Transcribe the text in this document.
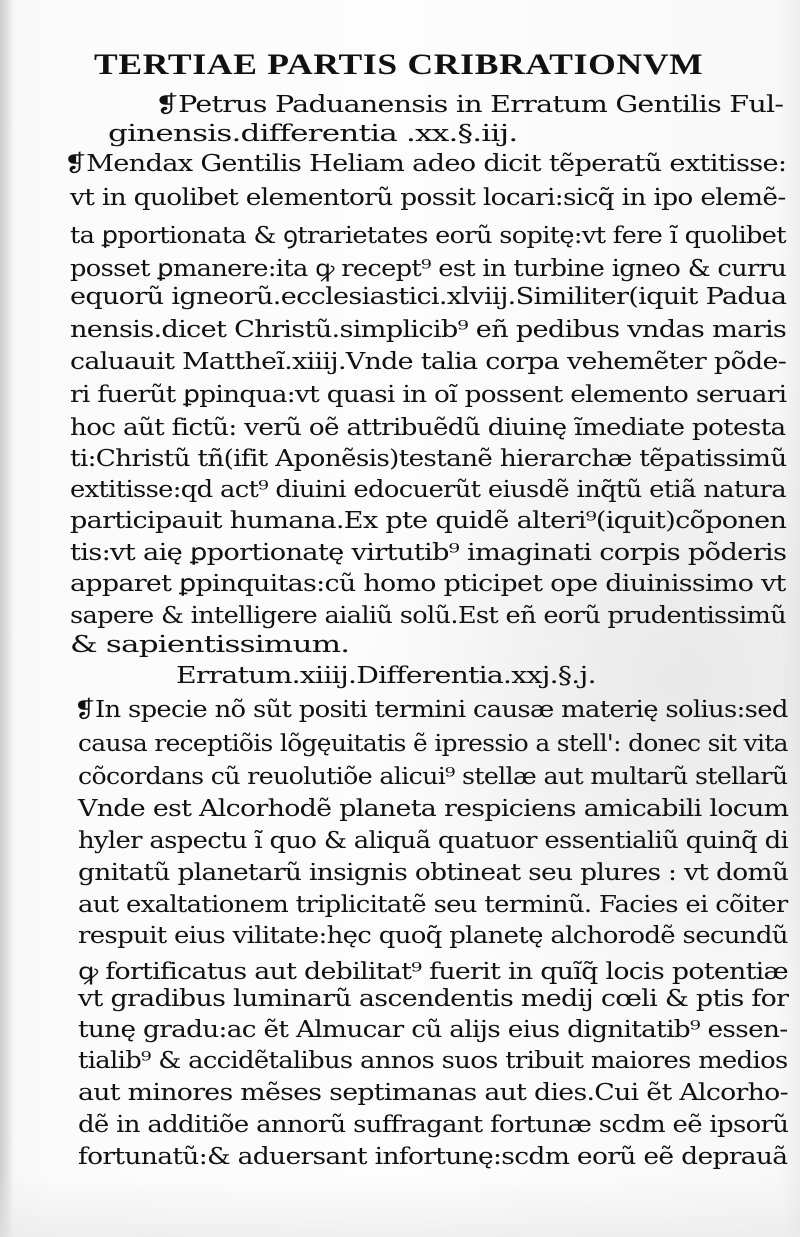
TERTIAE PARTIS CRIBRATIONVM
❡Petrus Paduanensis in Erratum Gentilis Ful‑
ginensis.differentia .xx.§.iij.
❡Mendax Gentilis Heliam adeo dicit tẽperatũ extitisse:
vt in quolibet elementorũ possit locari:sicq̃ in ipo elemẽ‑
ta ꝑportionata & ꝯtrarietates eorũ sopitę:vt fere ĩ quolibet
posset ꝑmanere:ita ꝙ recept⁹ est in turbine igneo & curru
equorũ igneorũ.ecclesiastici.xlviij.Similiter(iquit Padua
nensis.dicet Christũ.simplicib⁹ eñ pedibus vndas maris
caluauit Mattheĩ.xiiij.Vnde talia corpa vehemẽter põde‑
ri fuerũt ꝑpinqua:vt quasi in oĩ possent elemento seruari
hoc aũt fictũ: verũ oẽ attribuẽdũ diuinę ĩmediate potesta
ti:Christũ tñ(ifit Aponẽsis)testanẽ hierarchæ tẽpatissimũ
extitisse:qd act⁹ diuini edocuerũt eiusdẽ inq̃tũ etiã natura
participauit humana.Ex pte quidẽ alteri⁹(iquit)cõponen
tis:vt aię ꝑportionatę virtutib⁹ imaginati corpis põderis
apparet ꝑpinquitas:cũ homo pticipet ope diuinissimo vt
sapere & intelligere aialiũ solũ.Est eñ eorũ prudentissimũ
& sapientissimum.
Erratum.xiiij.Differentia.xxj.§.j.
❡In specie nõ sũt positi termini causæ materię solius:sed
causa receptiõis lõgęuitatis ẽ ipressio a stell': donec sit vita
cõcordans cũ reuolutiõe alicui⁹ stellæ aut multarũ stellarũ
Vnde est Alcorhodẽ planeta respiciens amicabili locum
hyler aspectu ĩ quo & aliquã quatuor essentialiũ quinq̃ di
gnitatũ planetarũ insignis obtineat seu plures : vt domũ
aut exaltationem triplicitatẽ seu terminũ. Facies ei cõiter
respuit eius vilitate:hęc quoq̃ planetę alchorodẽ secundũ
ꝙ fortificatus aut debilitat⁹ fuerit in quĩq̃ locis potentiæ
vt gradibus luminarũ ascendentis medij cœli & ptis for
tunę gradu:ac ẽt Almucar cũ alijs eius dignitatib⁹ essen‑
tialib⁹ & accidẽtalibus annos suos tribuit maiores medios
aut minores mẽses septimanas aut dies.Cui ẽt Alcorho‑
dẽ in additiõe annorũ suffragant fortunæ scdm eẽ ipsorũ
fortunatũ:& aduersant infortunę:scdm eorũ eẽ deprauã
